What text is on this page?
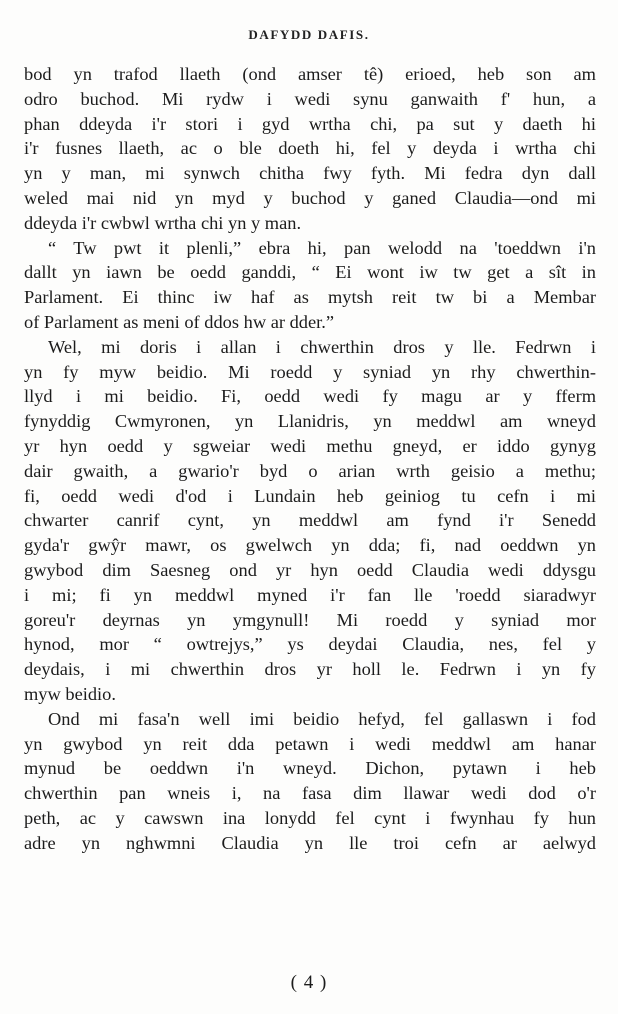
DAFYDD DAFIS.
bod yn trafod llaeth (ond amser tê) erioed, heb son am
odro buchod. Mi rydw i wedi synu ganwaith f' hun, a
phan ddeyda i'r stori i gyd wrtha chi, pa sut y daeth hi
i'r fusnes llaeth, ac o ble doeth hi, fel y deyda i wrtha chi
yn y man, mi synwch chitha fwy fyth. Mi fedra dyn dall
weled mai nid yn myd y buchod y ganed Claudia—ond mi
ddeyda i'r cwbwl wrtha chi yn y man.
“ Tw pwt it plenli,” ebra hi, pan welodd na 'toeddwn i'n
dallt yn iawn be oedd ganddi, “ Ei wont iw tw get a sît in
Parlament. Ei thinc iw haf as mytsh reit tw bi a Membar
of Parlament as meni of ddos hw ar dder.”
Wel, mi doris i allan i chwerthin dros y lle. Fedrwn i
yn fy myw beidio. Mi roedd y syniad yn rhy chwerthin-
llyd i mi beidio. Fi, oedd wedi fy magu ar y fferm
fynyddig Cwmyronen, yn Llanidris, yn meddwl am wneyd
yr hyn oedd y sgweiar wedi methu gneyd, er iddo gynyg
dair gwaith, a gwario'r byd o arian wrth geisio a methu;
fi, oedd wedi d'od i Lundain heb geiniog tu cefn i mi
chwarter canrif cynt, yn meddwl am fynd i'r Senedd
gyda'r gwŷr mawr, os gwelwch yn dda; fi, nad oeddwn yn
gwybod dim Saesneg ond yr hyn oedd Claudia wedi ddysgu
i mi; fi yn meddwl myned i'r fan lle 'roedd siaradwyr
goreu'r deyrnas yn ymgynull! Mi roedd y syniad mor
hynod, mor “ owtrejys,” ys deydai Claudia, nes, fel y
deydais, i mi chwerthin dros yr holl le. Fedrwn i yn fy
myw beidio.
Ond mi fasa'n well imi beidio hefyd, fel gallaswn i fod
yn gwybod yn reit dda petawn i wedi meddwl am hanar
mynud be oeddwn i'n wneyd. Dichon, pytawn i heb
chwerthin pan wneis i, na fasa dim llawar wedi dod o'r
peth, ac y cawswn ina lonydd fel cynt i fwynhau fy hun
adre yn nghwmni Claudia yn lle troi cefn ar aelwyd
( 4 )
